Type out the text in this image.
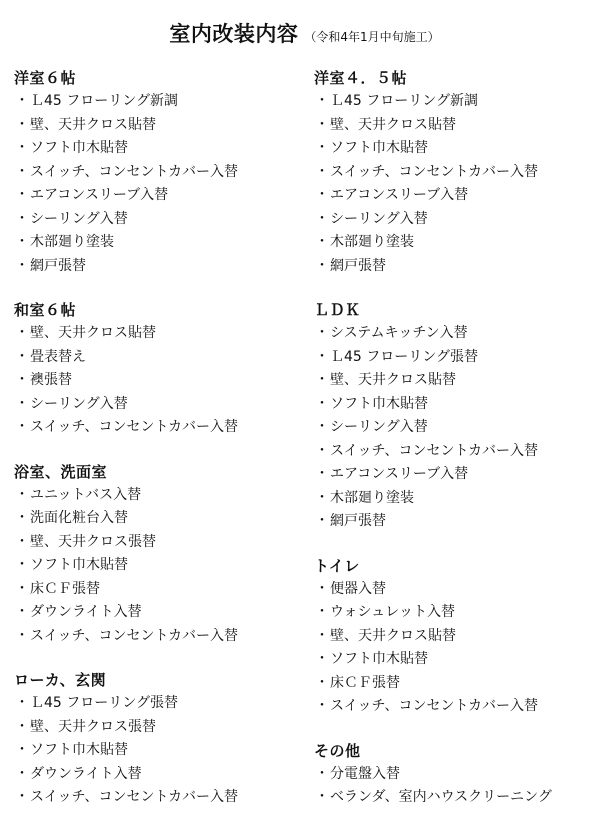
室内改装内容 （令和4年1月中旬施工）
洋室６帖
・Ｌ45 フローリング新調
・壁、天井クロス貼替
・ソフト巾木貼替
・スイッチ、コンセントカバー入替
・エアコンスリーブ入替
・シーリング入替
・木部廻り塗装
・網戸張替
和室６帖
・壁、天井クロス貼替
・畳表替え
・襖張替
・シーリング入替
・スイッチ、コンセントカバー入替
浴室、洗面室
・ユニットバス入替
・洗面化粧台入替
・壁、天井クロス張替
・ソフト巾木貼替
・床ＣＦ張替
・ダウンライト入替
・スイッチ、コンセントカバー入替
ローカ、玄関
・Ｌ45 フローリング張替
・壁、天井クロス張替
・ソフト巾木貼替
・ダウンライト入替
・スイッチ、コンセントカバー入替
洋室４．５帖
・Ｌ45 フローリング新調
・壁、天井クロス貼替
・ソフト巾木貼替
・スイッチ、コンセントカバー入替
・エアコンスリーブ入替
・シーリング入替
・木部廻り塗装
・網戸張替
ＬＤＫ
・システムキッチン入替
・Ｌ45 フローリング張替
・壁、天井クロス貼替
・ソフト巾木貼替
・シーリング入替
・スイッチ、コンセントカバー入替
・エアコンスリーブ入替
・木部廻り塗装
・網戸張替
トイレ
・便器入替
・ウォシュレット入替
・壁、天井クロス貼替
・ソフト巾木貼替
・床ＣＦ張替
・スイッチ、コンセントカバー入替
その他
・分電盤入替
・ベランダ、室内ハウスクリーニング
